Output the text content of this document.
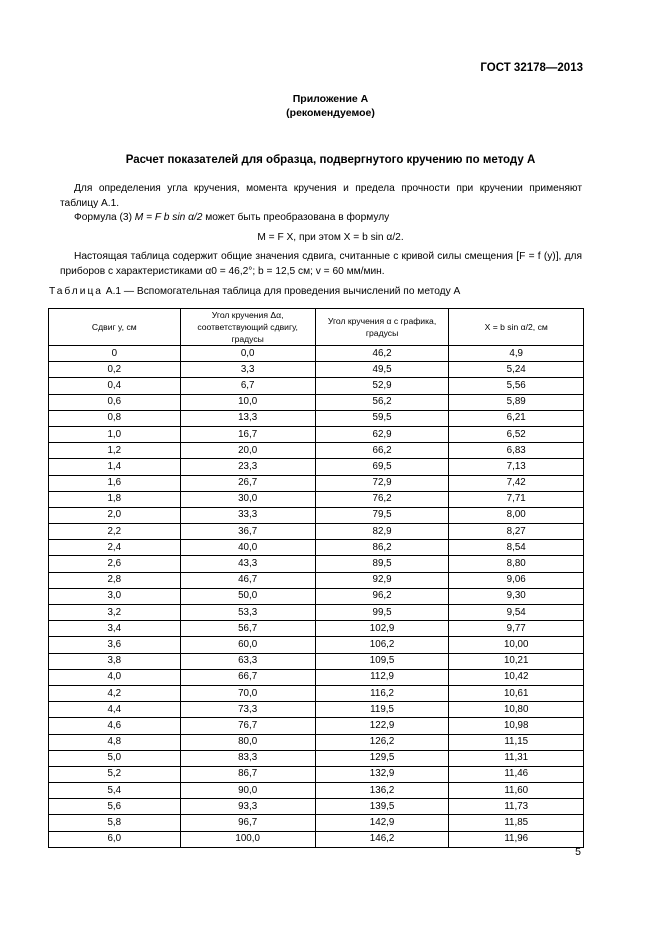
ГОСТ 32178—2013
Приложение А
(рекомендуемое)
Расчет показателей для образца, подвергнутого кручению по методу А
Для определения угла кручения, момента кручения и предела прочности при кручении применяют таблицу А.1.
Формула (3) M = F b sin α/2 может быть преобразована в формулу
M = F X, при этом X = b sin α/2.
Настоящая таблица содержит общие значения сдвига, считанные с кривой силы смещения [F = f (y)], для приборов с характеристиками α0 = 46,2°; b = 12,5 см; v = 60 мм/мин.
Таблица А.1 — Вспомогательная таблица для проведения вычислений по методу А
Сдвиг y, см	Угол кручения Δα, соответствующий сдвигу, градусы	Угол кручения α с графика, градусы	X = b sin α/2, см
0	0,0	46,2	4,9
0,2	3,3	49,5	5,24
0,4	6,7	52,9	5,56
0,6	10,0	56,2	5,89
0,8	13,3	59,5	6,21
1,0	16,7	62,9	6,52
1,2	20,0	66,2	6,83
1,4	23,3	69,5	7,13
1,6	26,7	72,9	7,42
1,8	30,0	76,2	7,71
2,0	33,3	79,5	8,00
2,2	36,7	82,9	8,27
2,4	40,0	86,2	8,54
2,6	43,3	89,5	8,80
2,8	46,7	92,9	9,06
3,0	50,0	96,2	9,30
3,2	53,3	99,5	9,54
3,4	56,7	102,9	9,77
3,6	60,0	106,2	10,00
3,8	63,3	109,5	10,21
4,0	66,7	112,9	10,42
4,2	70,0	116,2	10,61
4,4	73,3	119,5	10,80
4,6	76,7	122,9	10,98
4,8	80,0	126,2	11,15
5,0	83,3	129,5	11,31
5,2	86,7	132,9	11,46
5,4	90,0	136,2	11,60
5,6	93,3	139,5	11,73
5,8	96,7	142,9	11,85
6,0	100,0	146,2	11,96
5
